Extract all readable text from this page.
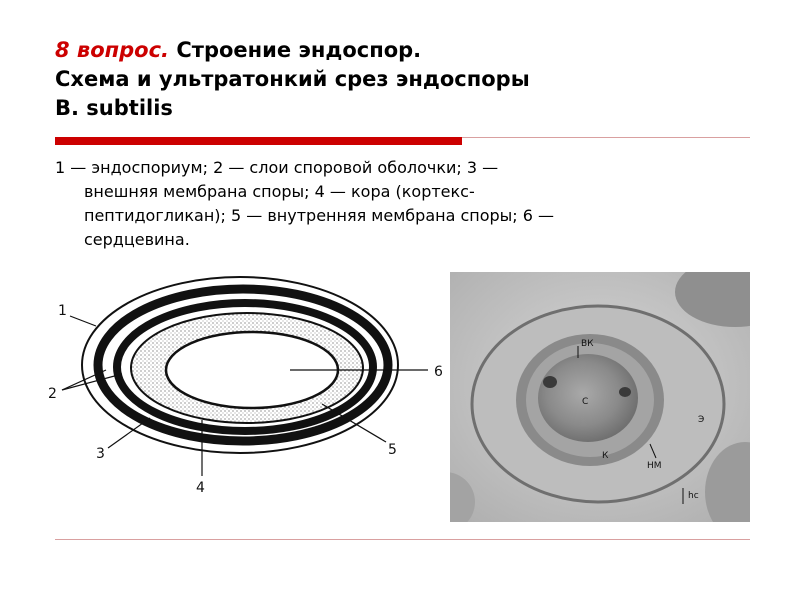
8 вопрос. Строение эндоспор.
Схема и ультратонкий срез эндоспоры
B. subtilis
1 — эндоспориум; 2 — слои споровой оболочки; 3 —
внешняя мембрана споры; 4 — кора (кортекс-
пептидогликан); 5 — внутренняя мембрана споры; 6 —
сердцевина.
1
2
3
4
5
6
ВК
С
К
НМ
Э
hc
